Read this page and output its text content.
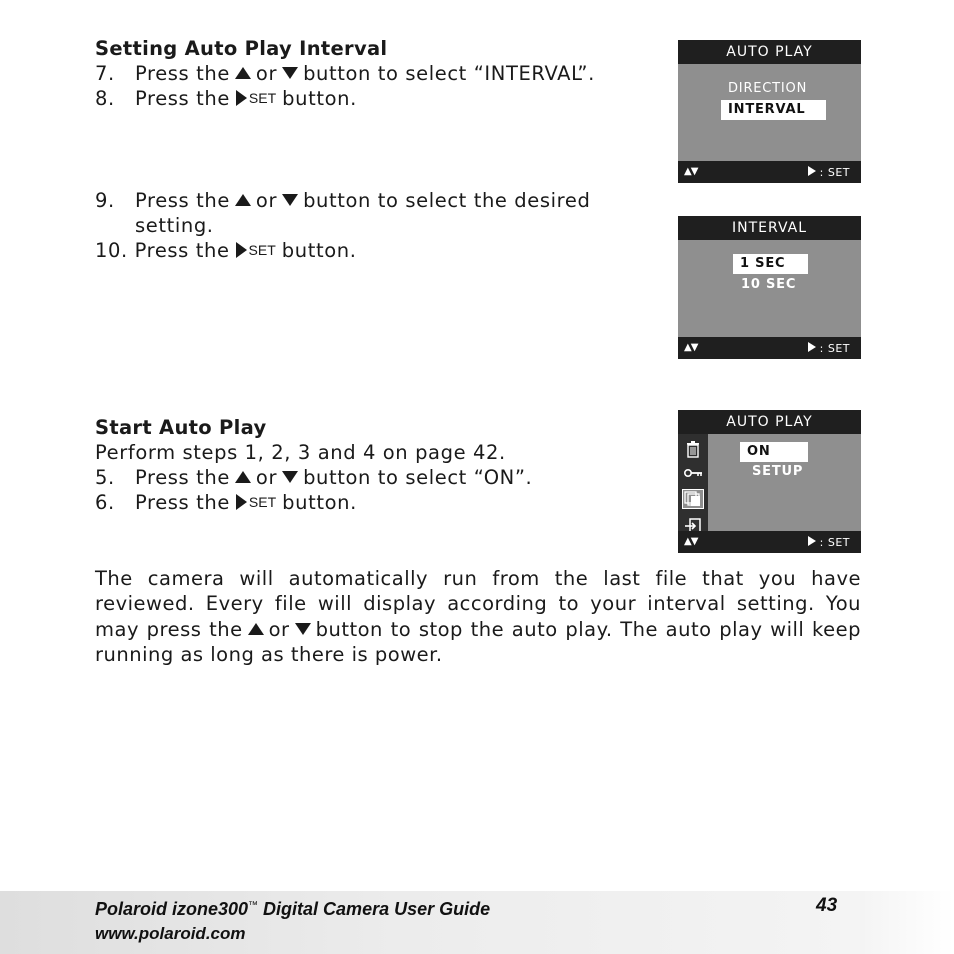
Setting Auto Play Interval
7. Press the or button to select “INTERVAL”.
8. Press the SET button.
9. Press the or button to select the desired
setting.
10. Press the SET button.
Start Auto Play
Perform steps 1, 2, 3 and 4 on page 42.
5. Press the or button to select “ON”.
6. Press the SET button.
The camera will automatically run from the last file that you have reviewed. Every file will display according to your interval setting. You may press the or button to stop the auto play. The auto play will keep running as long as there is power.
AUTO PLAY
DIRECTION
INTERVAL
▲▼	: SET
INTERVAL
1 SEC
10 SEC
▲▼	: SET
AUTO PLAY
ON
SETUP
▲▼	: SET
Polaroid izone300™ Digital Camera User Guide
www.polaroid.com
43
